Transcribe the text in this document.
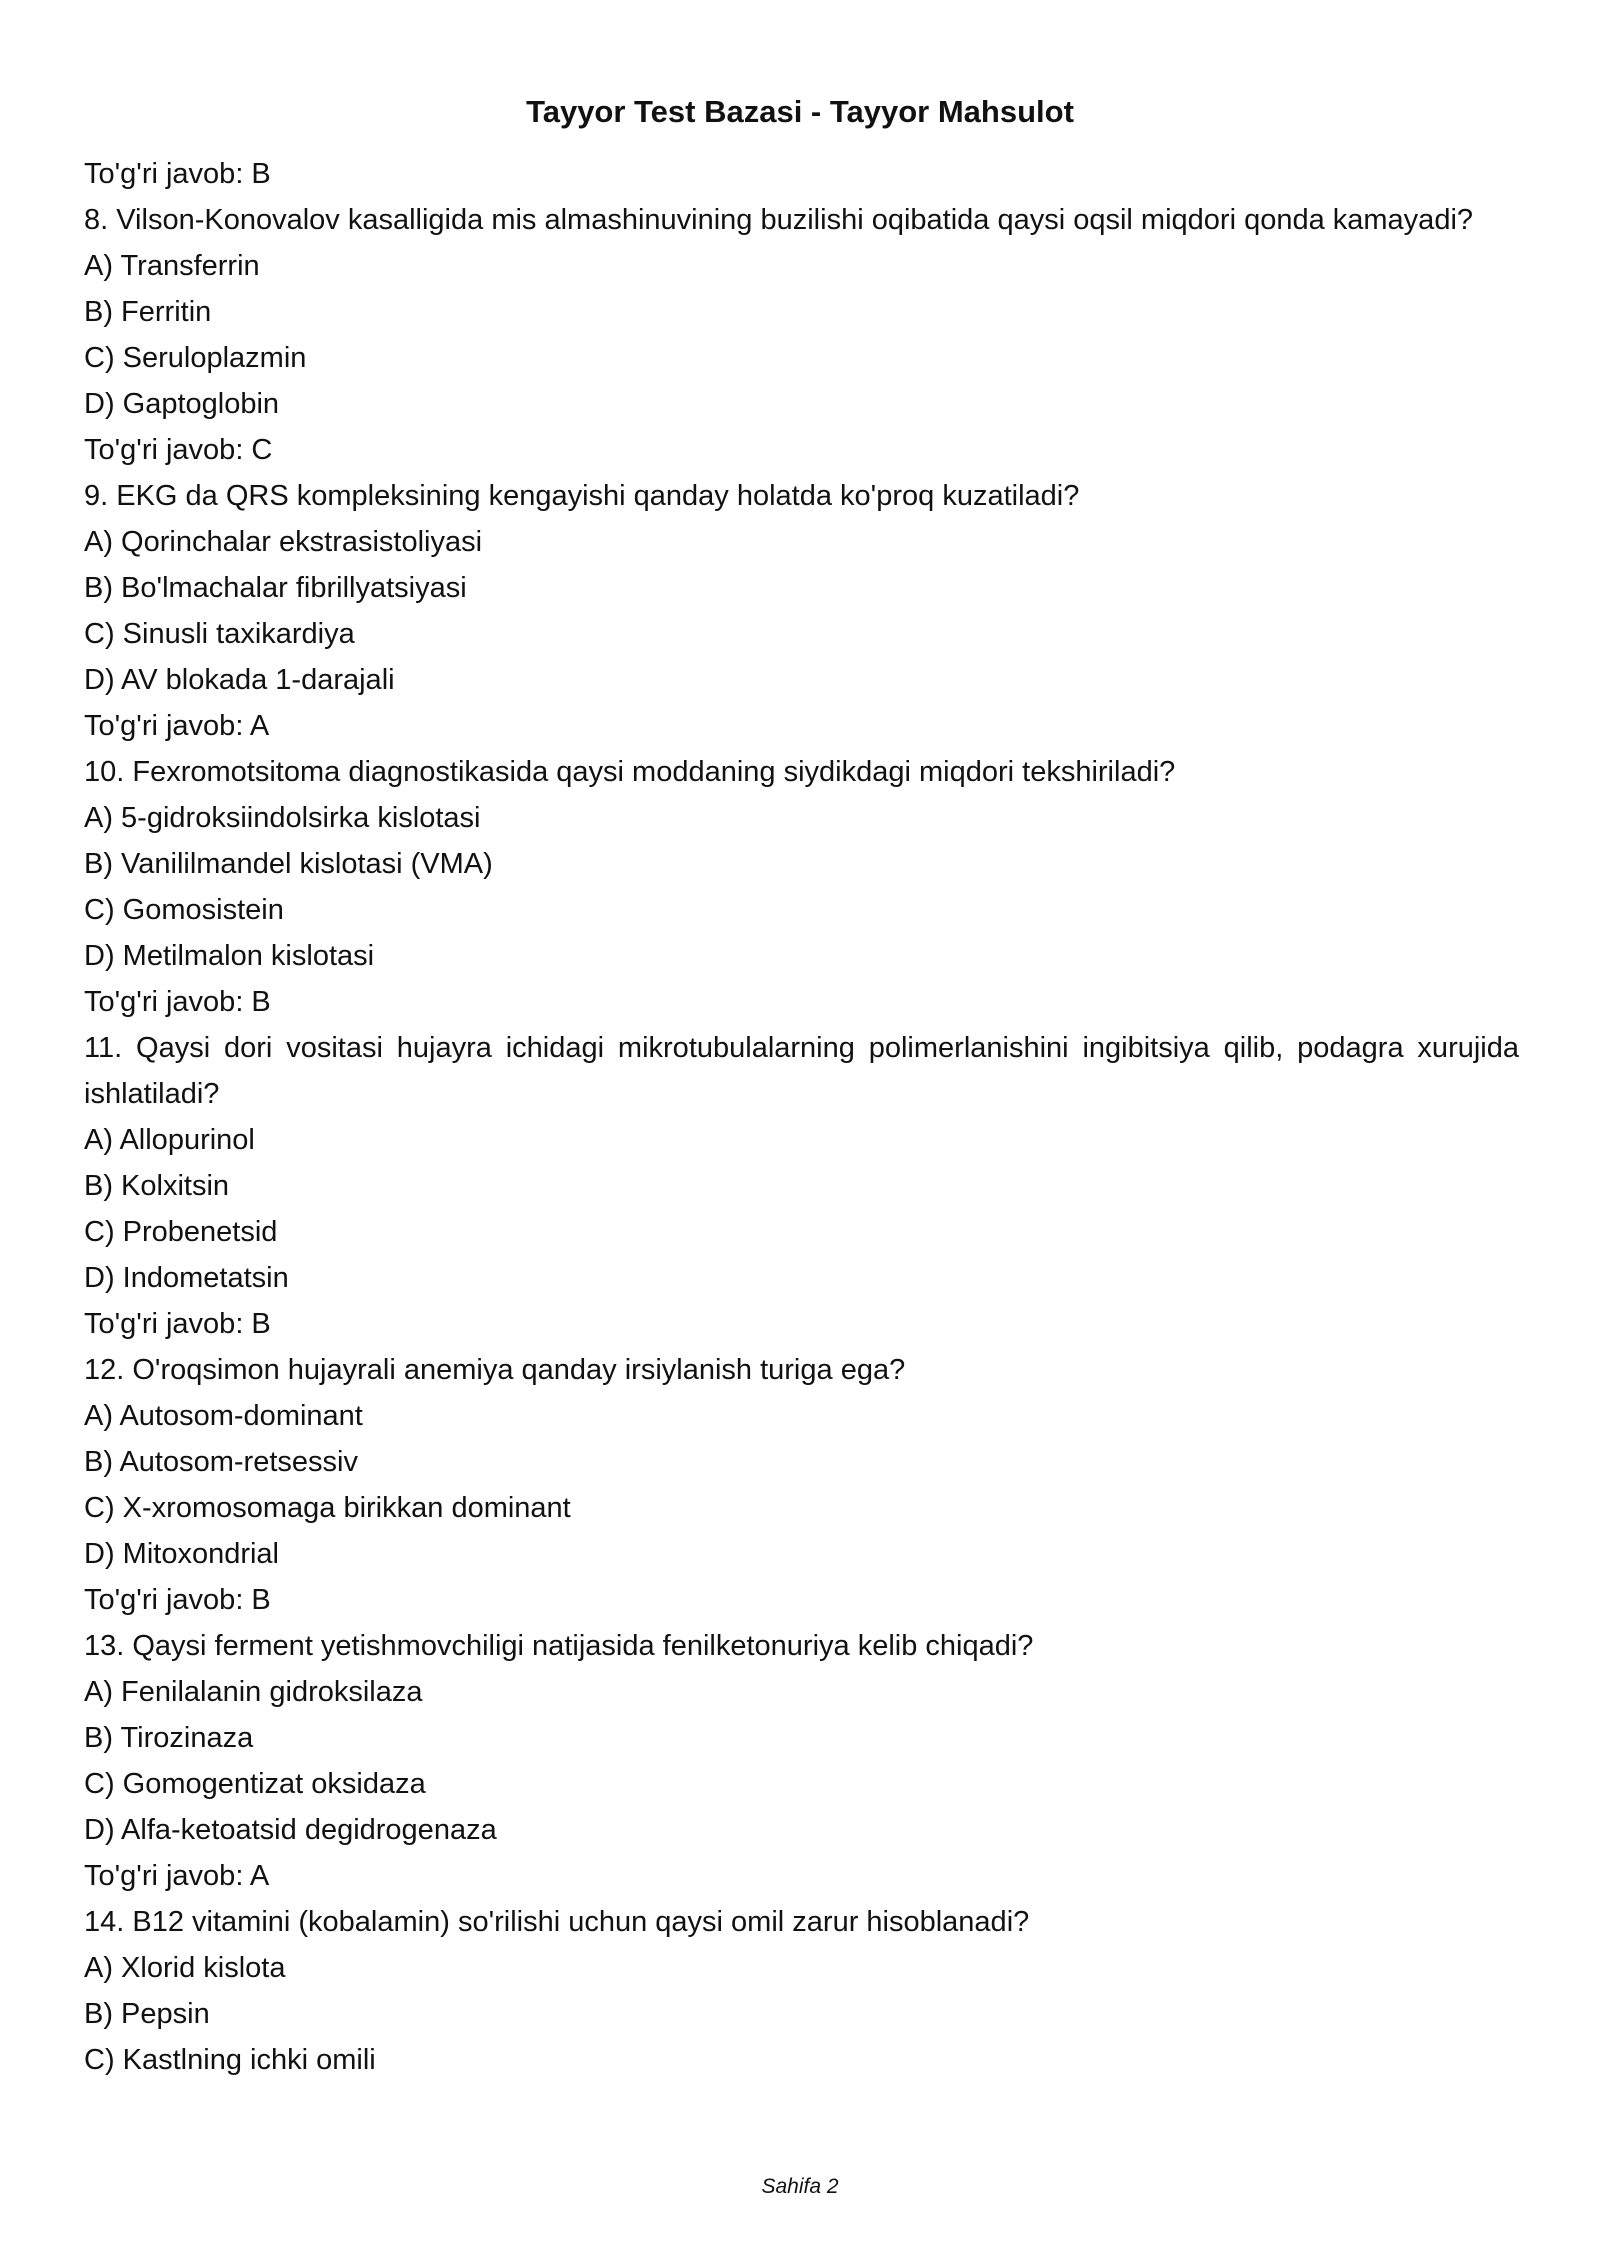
Tayyor Test Bazasi - Tayyor Mahsulot

To'g'ri javob: B

8. Vilson-Konovalov kasalligida mis almashinuvining buzilishi oqibatida qaysi oqsil miqdori qonda kamayadi?

A) Transferrin

B) Ferritin

C) Seruloplazmin

D) Gaptoglobin

To'g'ri javob: C

9. EKG da QRS kompleksining kengayishi qanday holatda ko'proq kuzatiladi?

A) Qorinchalar ekstrasistoliyasi

B) Bo'lmachalar fibrillyatsiyasi

C) Sinusli taxikardiya

D) AV blokada 1-darajali

To'g'ri javob: A

10. Fexromotsitoma diagnostikasida qaysi moddaning siydikdagi miqdori tekshiriladi?

A) 5-gidroksiindolsirka kislotasi

B) Vanililmandel kislotasi (VMA)

C) Gomosistein

D) Metilmalon kislotasi

To'g'ri javob: B

11. Qaysi dori vositasi hujayra ichidagi mikrotubulalarning polimerlanishini ingibitsiya qilib, podagra xurujida ishlatiladi?

A) Allopurinol

B) Kolxitsin

C) Probenetsid

D) Indometatsin

To'g'ri javob: B

12. O'roqsimon hujayrali anemiya qanday irsiylanish turiga ega?

A) Autosom-dominant

B) Autosom-retsessiv

C) X-xromosomaga birikkan dominant

D) Mitoxondrial

To'g'ri javob: B

13. Qaysi ferment yetishmovchiligi natijasida fenilketonuriya kelib chiqadi?

A) Fenilalanin gidroksilaza

B) Tirozinaza

C) Gomogentizat oksidaza

D) Alfa-ketoatsid degidrogenaza

To'g'ri javob: A

14. B12 vitamini (kobalamin) so'rilishi uchun qaysi omil zarur hisoblanadi?

A) Xlorid kislota

B) Pepsin

C) Kastlning ichki omili

Sahifa 2
